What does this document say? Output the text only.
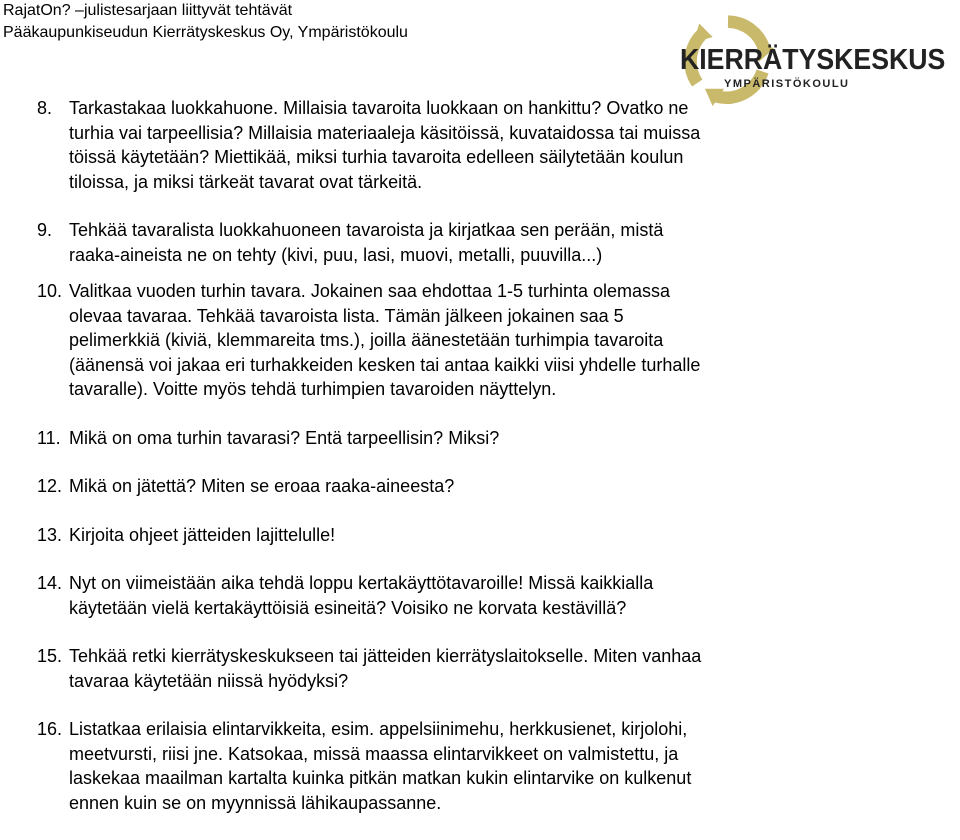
RajatOn? –julistesarjaan liittyvät tehtävät
Pääkaupunkiseudun Kierrätyskeskus Oy, Ympäristökoulu
KIERRÄTYSKESKUS
YMPÄRISTÖKOULU
8. Tarkastakaa luokkahuone. Millaisia tavaroita luokkaan on hankittu? Ovatko ne
turhia vai tarpeellisia? Millaisia materiaaleja käsitöissä, kuvataidossa tai muissa
töissä käytetään? Miettikää, miksi turhia tavaroita edelleen säilytetään koulun
tiloissa, ja miksi tärkeät tavarat ovat tärkeitä.
9. Tehkää tavaralista luokkahuoneen tavaroista ja kirjatkaa sen perään, mistä
raaka-aineista ne on tehty (kivi, puu, lasi, muovi, metalli, puuvilla...)
10. Valitkaa vuoden turhin tavara. Jokainen saa ehdottaa 1-5 turhinta olemassa
olevaa tavaraa. Tehkää tavaroista lista. Tämän jälkeen jokainen saa 5
pelimerkkiä (kiviä, klemmareita tms.), joilla äänestetään turhimpia tavaroita
(äänensä voi jakaa eri turhakkeiden kesken tai antaa kaikki viisi yhdelle turhalle
tavaralle). Voitte myös tehdä turhimpien tavaroiden näyttelyn.
11. Mikä on oma turhin tavarasi? Entä tarpeellisin? Miksi?
12. Mikä on jätettä? Miten se eroaa raaka-aineesta?
13. Kirjoita ohjeet jätteiden lajittelulle!
14. Nyt on viimeistään aika tehdä loppu kertakäyttötavaroille! Missä kaikkialla
käytetään vielä kertakäyttöisiä esineitä? Voisiko ne korvata kestävillä?
15. Tehkää retki kierrätyskeskukseen tai jätteiden kierrätyslaitokselle. Miten vanhaa
tavaraa käytetään niissä hyödyksi?
16. Listatkaa erilaisia elintarvikkeita, esim. appelsiinimehu, herkkusienet, kirjolohi,
meetvursti, riisi jne. Katsokaa, missä maassa elintarvikkeet on valmistettu, ja
laskekaa maailman kartalta kuinka pitkän matkan kukin elintarvike on kulkenut
ennen kuin se on myynnissä lähikaupassanne.
